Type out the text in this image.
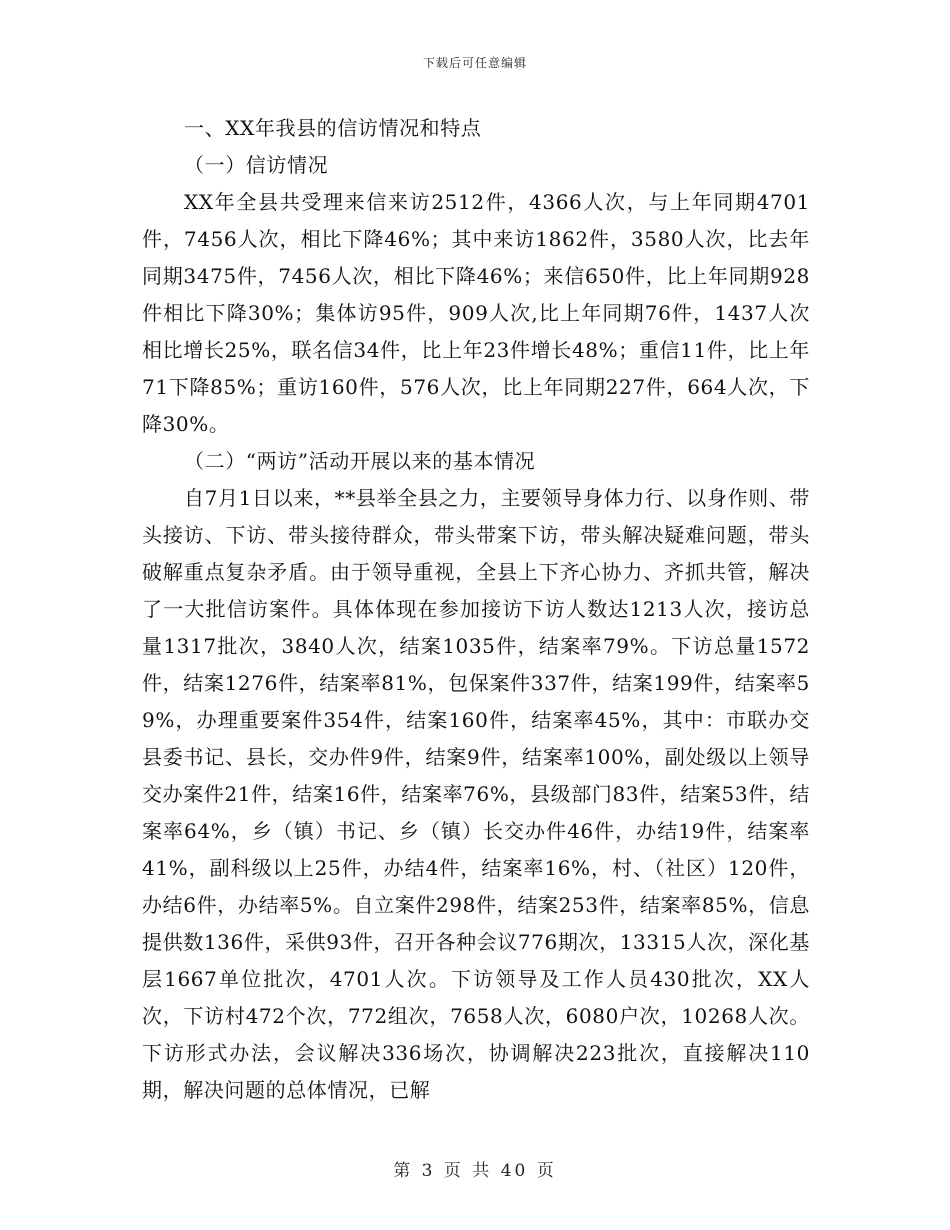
下载后可任意编辑

一、XX年我县的信访情况和特点

（一）信访情况

XX年全县共受理来信来访2512件，4366人次，与上年同期4701件，7456人次，相比下降46%；其中来访1862件，3580人次，比去年同期3475件，7456人次，相比下降46%；来信650件，比上年同期928件相比下降30%；集体访95件，909人次,比上年同期76件，1437人次相比增长25%，联名信34件，比上年23件增长48%；重信11件，比上年71下降85%；重访160件，576人次，比上年同期227件，664人次，下降30%。

（二）“两访”活动开展以来的基本情况

自7月1日以来，**县举全县之力，主要领导身体力行、以身作则、带头接访、下访、带头接待群众，带头带案下访，带头解决疑难问题，带头破解重点复杂矛盾。由于领导重视，全县上下齐心协力、齐抓共管，解决了一大批信访案件。具体体现在参加接访下访人数达1213人次，接访总量1317批次，3840人次，结案1035件，结案率79%。下访总量1572件，结案1276件，结案率81%，包保案件337件，结案199件，结案率59%，办理重要案件354件，结案160件，结案率45%，其中：市联办交县委书记、县长，交办件9件，结案9件，结案率100%，副处级以上领导交办案件21件，结案16件，结案率76%，县级部门83件，结案53件，结案率64%，乡（镇）书记、乡（镇）长交办件46件，办结19件，结案率41%，副科级以上25件，办结4件，结案率16%，村、（社区）120件，办结6件，办结率5%。自立案件298件，结案253件，结案率85%，信息提供数136件，采供93件，召开各种会议776期次，13315人次，深化基层1667单位批次，4701人次。下访领导及工作人员430批次，XX人次，下访村472个次，772组次，7658人次，6080户次，10268人次。下访形式办法，会议解决336场次，协调解决223批次，直接解决110期，解决问题的总体情况，已解

第 3 页 共 40 页
